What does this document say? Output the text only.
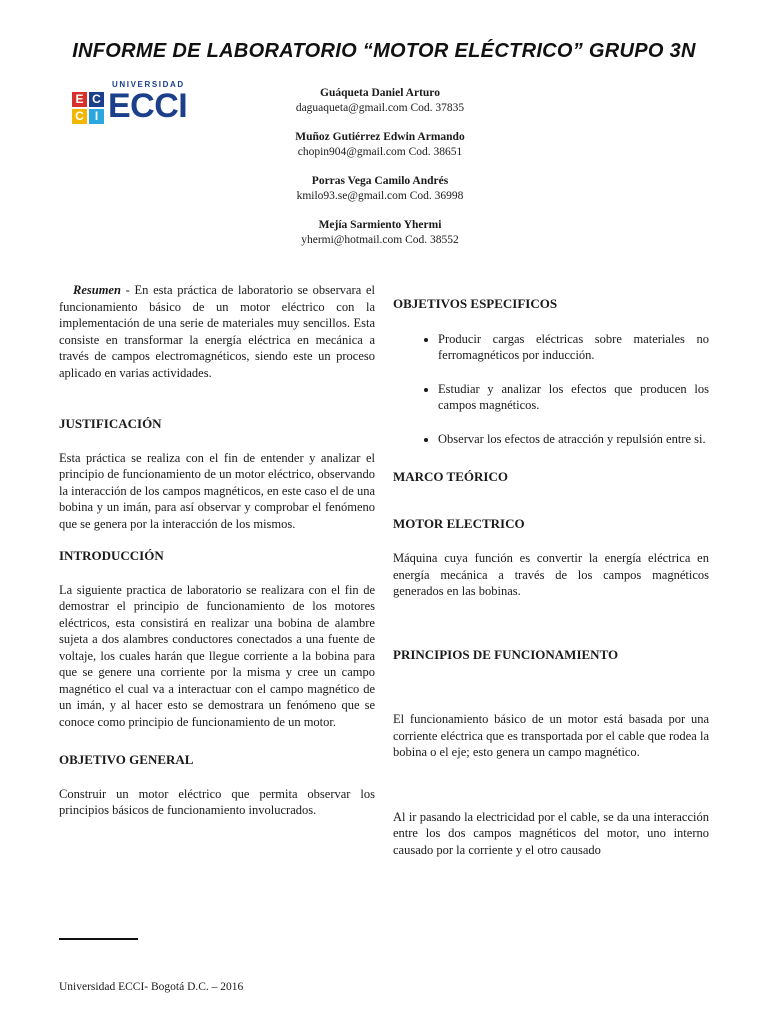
INFORME DE LABORATORIO “MOTOR ELÉCTRICO” GRUPO 3N
UNIVERSIDAD
E C
C I ECCI	Guáqueta Daniel Arturo
daguaqueta@gmail.com Cod. 37835
Muñoz Gutiérrez Edwin Armando
chopin904@gmail.com Cod. 38651
Porras Vega Camilo Andrés
kmilo93.se@gmail.com Cod. 36998
Mejía Sarmiento Yhermi
yhermi@hotmail.com Cod. 38552

Resumen - En esta práctica de laboratorio se observara el funcionamiento básico de un motor eléctrico con la implementación de una serie de materiales muy sencillos. Esta consiste en transformar la energía eléctrica en mecánica a través de campos electromagnéticos, siendo este un proceso aplicado en varias actividades.

JUSTIFICACIÓN

Esta práctica se realiza con el fin de entender y analizar el principio de funcionamiento de un motor eléctrico, observando la interacción de los campos magnéticos, en este caso el de una bobina y un imán, para así observar y comprobar el fenómeno que se genera por la interacción de los mismos.

INTRODUCCIÓN

La siguiente practica de laboratorio se realizara con el fin de demostrar el principio de funcionamiento de los motores eléctricos, esta consistirá en realizar una bobina de alambre sujeta a dos alambres conductores conectados a una fuente de voltaje, los cuales harán que llegue corriente a la bobina para que se genere una corriente por la misma y cree un campo magnético el cual va a interactuar con el campo magnético de un imán, y al hacer esto se demostrara un fenómeno que se conoce como principio de funcionamiento de un motor.

OBJETIVO GENERAL

Construir un motor eléctrico que permita observar los principios básicos de funcionamiento involucrados.

OBJETIVOS ESPECIFICOS
• Producir cargas eléctricas sobre materiales no ferromagnéticos por inducción.
• Estudiar y analizar los efectos que producen los campos magnéticos.
• Observar los efectos de atracción y repulsión entre si.
MARCO TEÓRICO
MOTOR ELECTRICO

Máquina cuya función es convertir la energía eléctrica en energía mecánica a través de los campos magnéticos generados en las bobinas.

PRINCIPIOS DE FUNCIONAMIENTO

El funcionamiento básico de un motor está basada por una corriente eléctrica que es transportada por el cable que rodea la bobina o el eje; esto genera un campo magnético.

Al ir pasando la electricidad por el cable, se da una interacción entre los dos campos magnéticos del motor, uno interno causado por la corriente y el otro causado

Universidad ECCI- Bogotá D.C. – 2016
